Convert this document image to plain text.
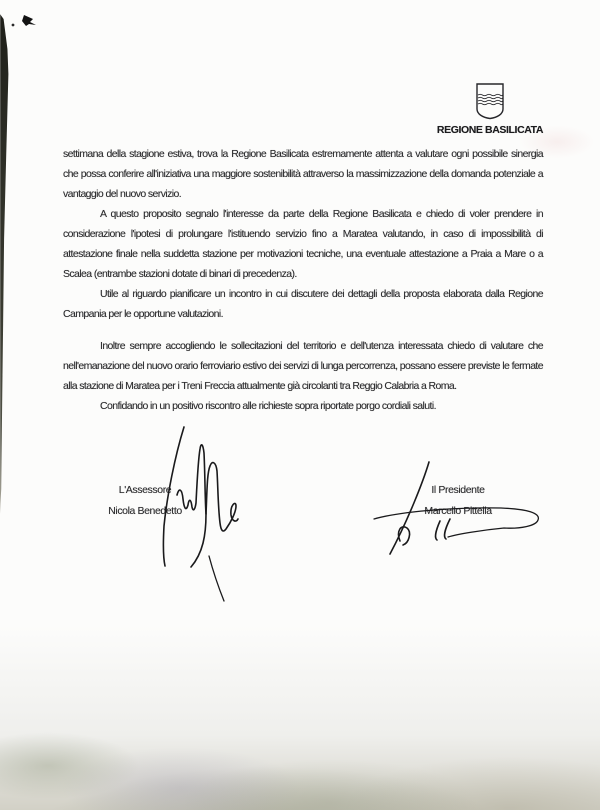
REGIONE BASILICATA

settimana della stagione estiva, trova la Regione Basilicata estremamente attenta a valutare ogni possibile sinergia che possa conferire all'iniziativa una maggiore sostenibilità attraverso la massimizzazione della domanda potenziale a vantaggio del nuovo servizio.

A questo proposito segnalo l'interesse da parte della Regione Basilicata e chiedo di voler prendere in considerazione l'ipotesi di prolungare l'istituendo servizio fino a Maratea valutando, in caso di impossibilità di attestazione finale nella suddetta stazione per motivazioni tecniche, una eventuale attestazione a Praia a Mare o a Scalea (entrambe stazioni dotate di binari di precedenza).

Utile al riguardo pianificare un incontro in cui discutere dei dettagli della proposta elaborata dalla Regione Campania per le opportune valutazioni.

Inoltre sempre accogliendo le sollecitazioni del territorio e dell'utenza interessata chiedo di valutare che nell'emanazione del nuovo orario ferroviario estivo dei servizi di lunga percorrenza, possano essere previste le fermate alla stazione di Maratea per i Treni Freccia attualmente già circolanti tra Reggio Calabria a Roma.

Confidando in un positivo riscontro alle richieste sopra riportate porgo cordiali saluti.

L'Assessore
Nicola Benedetto
Il Presidente
Marcello Pittella
